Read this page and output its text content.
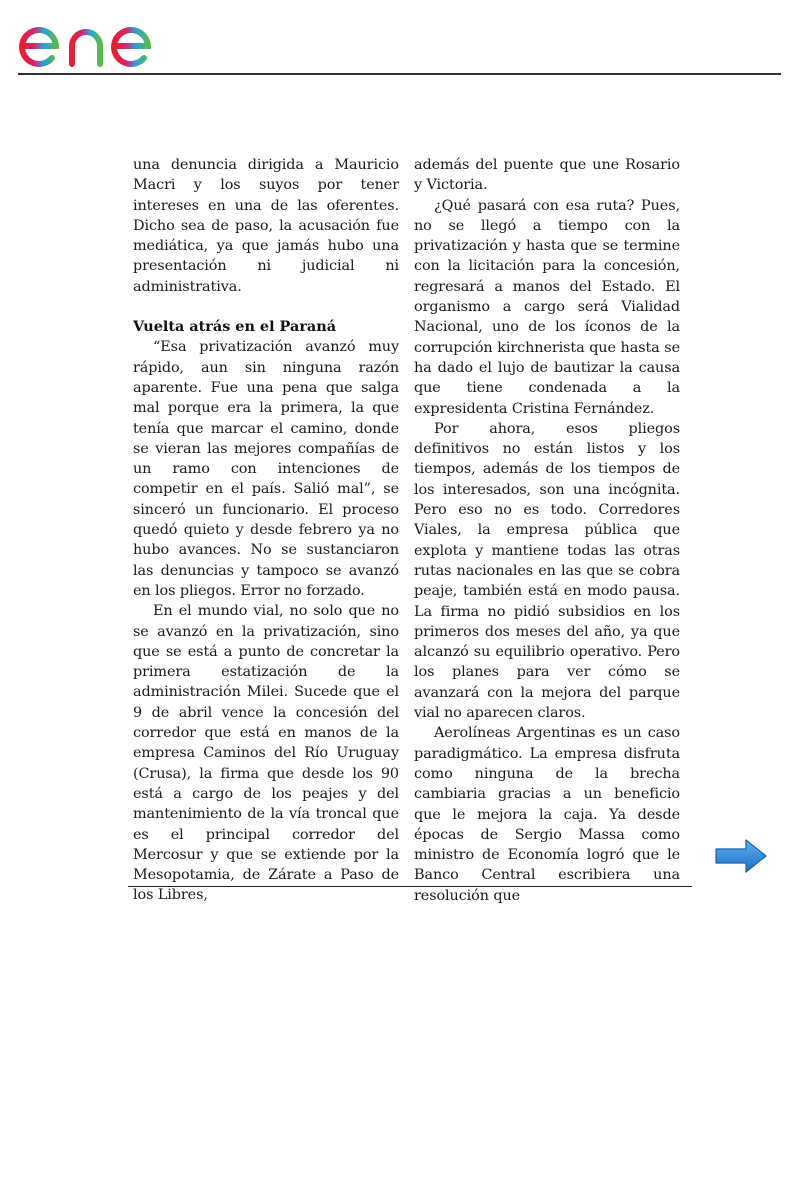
una denuncia dirigida a Mauricio Macri y los suyos por tener intereses en una de las oferentes. Dicho sea de paso, la acusación fue mediática, ya que jamás hubo una presentación ni judicial ni administrativa.

Vuelta atrás en el Paraná

“Esa privatización avanzó muy rápido, aun sin ninguna razón aparente. Fue una pena que salga mal porque era la primera, la que tenía que marcar el camino, donde se vieran las mejores compañías de un ramo con intenciones de competir en el país. Salió mal”, se sinceró un funcionario. El proceso quedó quieto y desde febrero ya no hubo avances. No se sustanciaron las denuncias y tampoco se avanzó en los pliegos. Error no forzado.

En el mundo vial, no solo que no se avanzó en la privatización, sino que se está a punto de concretar la primera estatización de la administración Milei. Sucede que el 9 de abril vence la concesión del corredor que está en manos de la empresa Caminos del Río Uruguay (Crusa), la firma que desde los 90 está a cargo de los peajes y del mantenimiento de la vía troncal que es el principal corredor del Mercosur y que se extiende por la Mesopotamia, de Zárate a Paso de los Libres,

además del puente que une Rosario y Victoria.

¿Qué pasará con esa ruta? Pues, no se llegó a tiempo con la privatización y hasta que se termine con la licitación para la concesión, regresará a manos del Estado. El organismo a cargo será Vialidad Nacional, uno de los íconos de la corrupción kirchnerista que hasta se ha dado el lujo de bautizar la causa que tiene condenada a la expresidenta Cristina Fernández.

Por ahora, esos pliegos definitivos no están listos y los tiempos, además de los tiempos de los interesados, son una incógnita. Pero eso no es todo. Corredores Viales, la empresa pública que explota y mantiene todas las otras rutas nacionales en las que se cobra peaje, también está en modo pausa. La firma no pidió subsidios en los primeros dos meses del año, ya que alcanzó su equilibrio operativo. Pero los planes para ver cómo se avanzará con la mejora del parque vial no aparecen claros.

Aerolíneas Argentinas es un caso paradigmático. La empresa disfruta como ninguna de la brecha cambiaria gracias a un beneficio que le mejora la caja. Ya desde épocas de Sergio Massa como ministro de Economía logró que le Banco Central escribiera una resolución que
